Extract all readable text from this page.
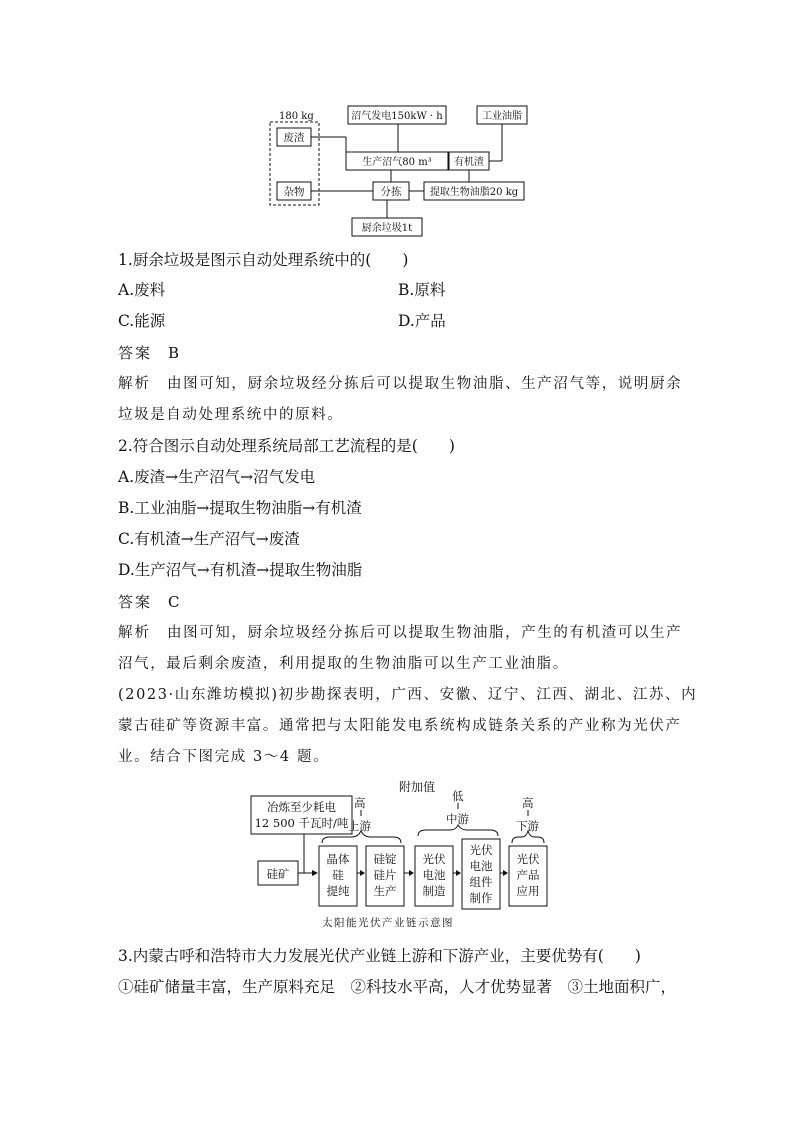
180 kg
废渣
杂物
沼气发电150kW · h	工业油脂
生产沼气80 m³ 有机渣
分拣	提取生物油脂20 kg
厨余垃圾1t
1.厨余垃圾是图示自动处理系统中的(　　)
A.废料	B.原料
C.能源	D.产品
答案 B
解析 由图可知，厨余垃圾经分拣后可以提取生物油脂、生产沼气等，说明厨余
垃圾是自动处理系统中的原料。
2.符合图示自动处理系统局部工艺流程的是(　　)
A.废渣→生产沼气→沼气发电
B.工业油脂→提取生物油脂→有机渣
C.有机渣→生产沼气→废渣
D.生产沼气→有机渣→提取生物油脂
答案 C
解析 由图可知，厨余垃圾经分拣后可以提取生物油脂，产生的有机渣可以生产
沼气，最后剩余废渣，利用提取的生物油脂可以生产工业油脂。
(2023·山东潍坊模拟)初步勘探表明，广西、安徽、辽宁、江西、湖北、江苏、内
蒙古硅矿等资源丰富。通常把与太阳能发电系统构成链条关系的产业称为光伏产
业。结合下图完成 3～4 题。
附加值
冶炼至少耗电
12 500 千瓦时/吨
高
上游
低
中游
高
下游
硅矿
晶体
硅
提纯
硅锭
硅片
生产
光伏
电池
制造
光伏
电池
组件
制作
光伏
产品
应用
太阳能光伏产业链示意图
3.内蒙古呼和浩特市大力发展光伏产业链上游和下游产业，主要优势有(　　)
①硅矿储量丰富，生产原料充足　②科技水平高，人才优势显著　③土地面积广，
